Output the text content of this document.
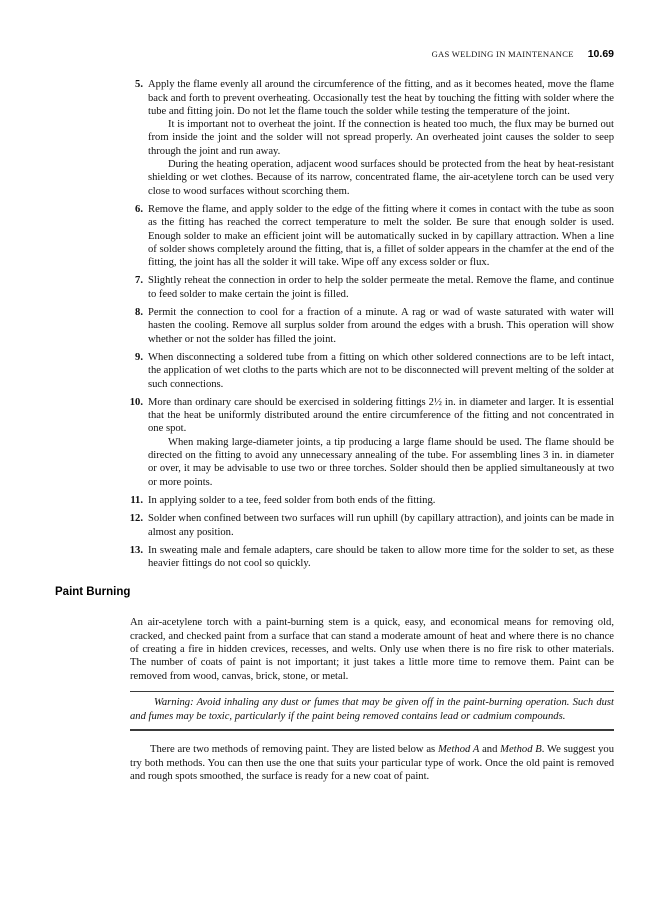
GAS WELDING IN MAINTENANCE 10.69
5. Apply the flame evenly all around the circumference of the fitting, and as it becomes heated, move the flame back and forth to prevent overheating. Occasionally test the heat by touching the fitting with solder where the tube and fitting join. Do not let the flame touch the solder while testing the temperature of the joint.

It is important not to overheat the joint. If the connection is heated too much, the flux may be burned out from inside the joint and the solder will not spread properly. An overheated joint causes the solder to seep through the joint and run away.

During the heating operation, adjacent wood surfaces should be protected from the heat by heat-resistant shielding or wet clothes. Because of its narrow, concentrated flame, the air-acetylene torch can be used very close to wood surfaces without scorching them.

6. Remove the flame, and apply solder to the edge of the fitting where it comes in contact with the tube as soon as the fitting has reached the correct temperature to melt the solder. Be sure that enough solder is used. Enough solder to make an efficient joint will be automatically sucked in by capillary attraction. When a line of solder shows completely around the fitting, that is, a fillet of solder appears in the chamfer at the end of the fitting, the joint has all the solder it will take. Wipe off any excess solder or flux.

7. Slightly reheat the connection in order to help the solder permeate the metal. Remove the flame, and continue to feed solder to make certain the joint is filled.

8. Permit the connection to cool for a fraction of a minute. A rag or wad of waste saturated with water will hasten the cooling. Remove all surplus solder from around the edges with a brush. This operation will show whether or not the solder has filled the joint.

9. When disconnecting a soldered tube from a fitting on which other soldered connections are to be left intact, the application of wet cloths to the parts which are not to be disconnected will prevent melting of the solder at such connections.

10. More than ordinary care should be exercised in soldering fittings 2½ in. in diameter and larger. It is essential that the heat be uniformly distributed around the entire circumference of the fitting and not concentrated in one spot.

When making large-diameter joints, a tip producing a large flame should be used. The flame should be directed on the fitting to avoid any unnecessary annealing of the tube. For assembling lines 3 in. in diameter or over, it may be advisable to use two or three torches. Solder should then be applied simultaneously at two or more points.

11. In applying solder to a tee, feed solder from both ends of the fitting.

12. Solder when confined between two surfaces will run uphill (by capillary attraction), and joints can be made in almost any position.

13. In sweating male and female adapters, care should be taken to allow more time for the solder to set, as these heavier fittings do not cool so quickly.

Paint Burning

An air-acetylene torch with a paint-burning stem is a quick, easy, and economical means for removing old, cracked, and checked paint from a surface that can stand a moderate amount of heat and where there is no chance of creating a fire in hidden crevices, recesses, and welts. Only use when there is no fire risk to other materials. The number of coats of paint is not important; it just takes a little more time to remove them. Paint can be removed from wood, canvas, brick, stone, or metal.

Warning: Avoid inhaling any dust or fumes that may be given off in the paint-burning operation. Such dust and fumes may be toxic, particularly if the paint being removed contains lead or cadmium compounds.

There are two methods of removing paint. They are listed below as Method A and Method B. We suggest you try both methods. You can then use the one that suits your particular type of work. Once the old paint is removed and rough spots smoothed, the surface is ready for a new coat of paint.
